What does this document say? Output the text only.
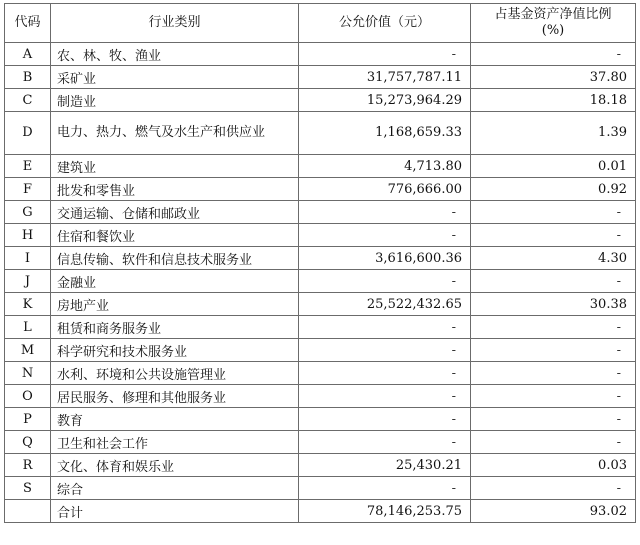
代码	行业类别	公允价值（元）	占基金资产净值比例
(%)

A	农、林、牧、渔业	-	-
B	采矿业	31,757,787.11	37.80
C	制造业	15,273,964.29	18.18
D	电力、热力、燃气及水生产和供应业	1,168,659.33	1.39
E	建筑业	4,713.80	0.01
F	批发和零售业	776,666.00	0.92
G	交通运输、仓储和邮政业	-	-
H	住宿和餐饮业	-	-
I	信息传输、软件和信息技术服务业	3,616,600.36	4.30
J	金融业	-	-
K	房地产业	25,522,432.65	30.38
L	租赁和商务服务业	-	-
M	科学研究和技术服务业	-	-
N	水利、环境和公共设施管理业	-	-
O	居民服务、修理和其他服务业	-	-
P	教育	-	-
Q	卫生和社会工作	-	-
R	文化、体育和娱乐业	25,430.21	0.03
S	综合	-	-
	合计	78,146,253.75	93.02
